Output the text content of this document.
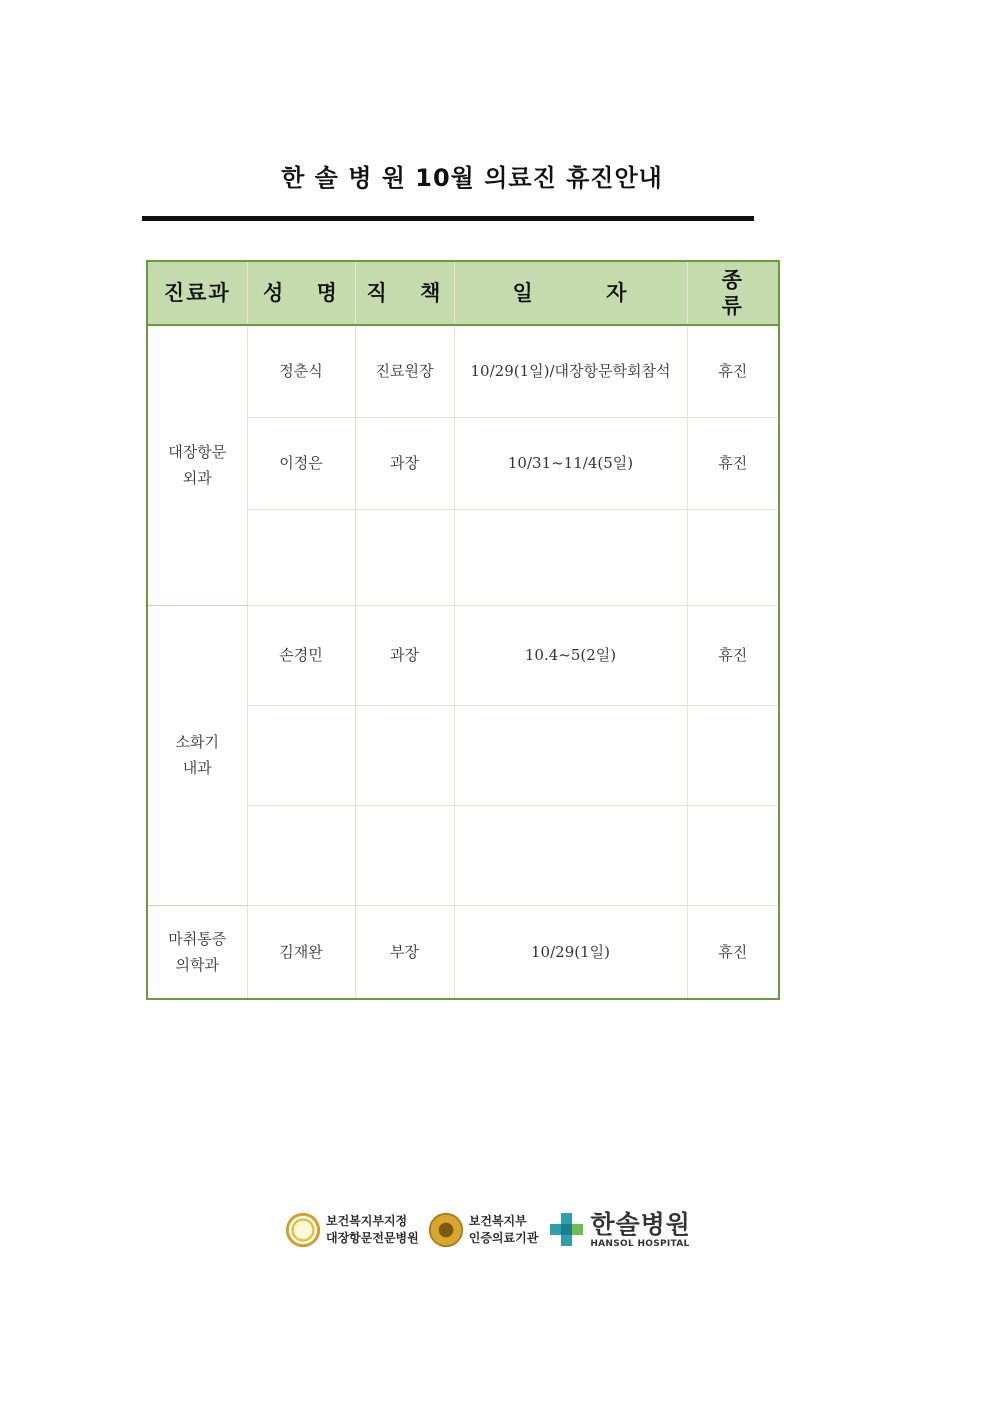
한 솔 병 원 10월 의료진 휴진안내
진료과	성 명	직 책	일 자	종 류
대장항문
외과	정춘식	진료원장	10/29(1일)/대장항문학회참석	휴진
	이정은	과장	10/31~11/4(5일)	휴진

소화기
내과	손경민	과장	10.4~5(2일)	휴진

마취통증
의학과	김재완	부장	10/29(1일)	휴진
보건복지부지정
대장항문전문병원
보건복지부
인증의료기관 한솔병원
HANSOL HOSPITAL
